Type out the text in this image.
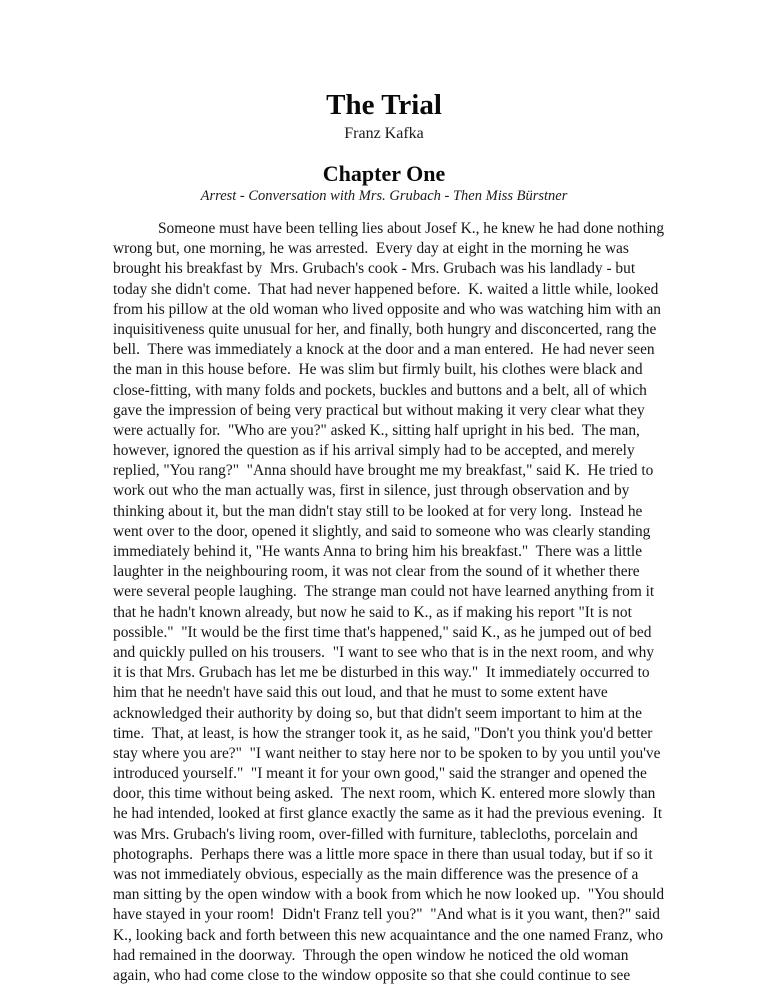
The Trial
Franz Kafka
Chapter One
Arrest - Conversation with Mrs. Grubach - Then Miss Bürstner
Someone must have been telling lies about Josef K., he knew he had done nothing
wrong but, one morning, he was arrested.  Every day at eight in the morning he was
brought his breakfast by  Mrs. Grubach's cook - Mrs. Grubach was his landlady - but
today she didn't come.  That had never happened before.  K. waited a little while, looked
from his pillow at the old woman who lived opposite and who was watching him with an
inquisitiveness quite unusual for her, and finally, both hungry and disconcerted, rang the
bell.  There was immediately a knock at the door and a man entered.  He had never seen
the man in this house before.  He was slim but firmly built, his clothes were black and
close-fitting, with many folds and pockets, buckles and buttons and a belt, all of which
gave the impression of being very practical but without making it very clear what they
were actually for.  "Who are you?" asked K., sitting half upright in his bed.  The man,
however, ignored the question as if his arrival simply had to be accepted, and merely
replied, "You rang?"  "Anna should have brought me my breakfast," said K.  He tried to
work out who the man actually was, first in silence, just through observation and by
thinking about it, but the man didn't stay still to be looked at for very long.  Instead he
went over to the door, opened it slightly, and said to someone who was clearly standing
immediately behind it, "He wants Anna to bring him his breakfast."  There was a little
laughter in the neighbouring room, it was not clear from the sound of it whether there
were several people laughing.  The strange man could not have learned anything from it
that he hadn't known already, but now he said to K., as if making his report "It is not
possible."  "It would be the first time that's happened," said K., as he jumped out of bed
and quickly pulled on his trousers.  "I want to see who that is in the next room, and why
it is that Mrs. Grubach has let me be disturbed in this way."  It immediately occurred to
him that he needn't have said this out loud, and that he must to some extent have
acknowledged their authority by doing so, but that didn't seem important to him at the
time.  That, at least, is how the stranger took it, as he said, "Don't you think you'd better
stay where you are?"  "I want neither to stay here nor to be spoken to by you until you've
introduced yourself."  "I meant it for your own good," said the stranger and opened the
door, this time without being asked.  The next room, which K. entered more slowly than
he had intended, looked at first glance exactly the same as it had the previous evening.  It
was Mrs. Grubach's living room, over-filled with furniture, tablecloths, porcelain and
photographs.  Perhaps there was a little more space in there than usual today, but if so it
was not immediately obvious, especially as the main difference was the presence of a
man sitting by the open window with a book from which he now looked up.  "You should
have stayed in your room!  Didn't Franz tell you?"  "And what is it you want, then?" said
K., looking back and forth between this new acquaintance and the one named Franz, who
had remained in the doorway.  Through the open window he noticed the old woman
again, who had come close to the window opposite so that she could continue to see
